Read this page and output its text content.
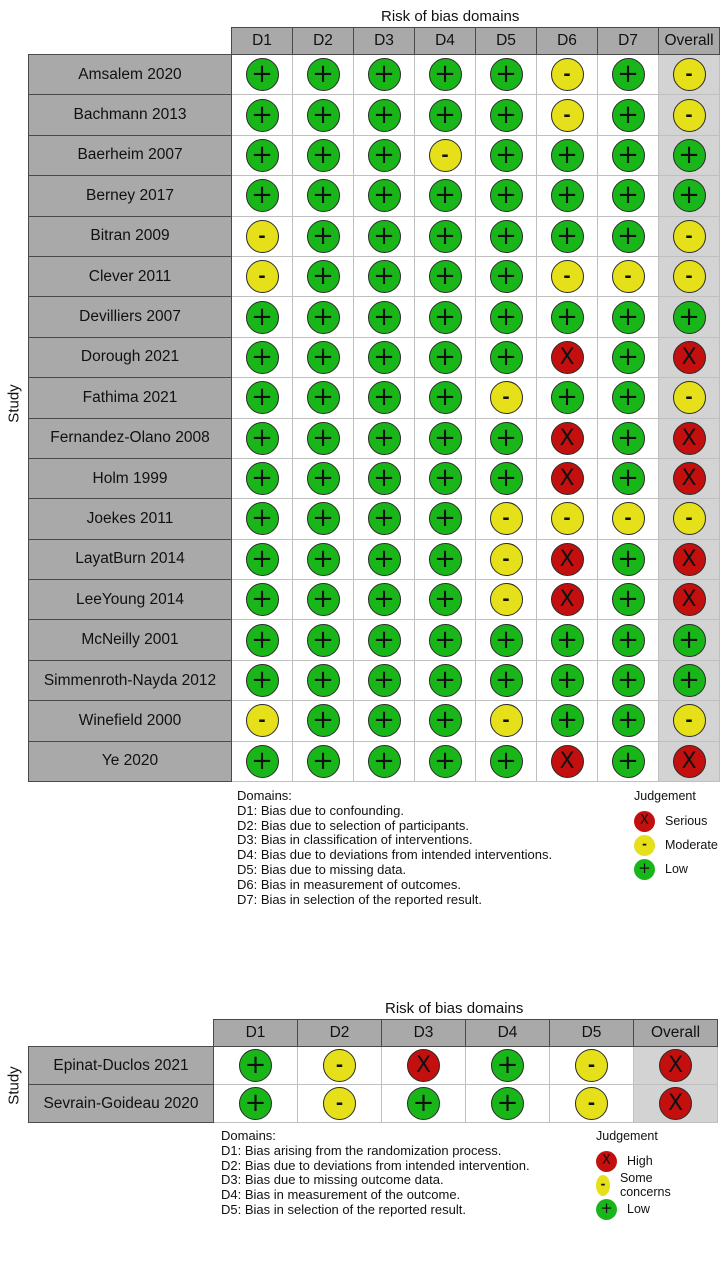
Risk of bias domains
Study
	D1	D2	D3	D4	D5	D6	D7	Overall
Amsalem 2020	+	+	+	+	+	-	+	-
Bachmann 2013	+	+	+	+	+	-	+	-
Baerheim 2007	+	+	+	-	+	+	+	+
Berney 2017	+	+	+	+	+	+	+	+
Bitran 2009	-	+	+	+	+	+	+	-
Clever 2011	-	+	+	+	+	-	-	-
Devilliers 2007	+	+	+	+	+	+	+	+
Dorough 2021	+	+	+	+	+	X	+	X
Fathima 2021	+	+	+	+	-	+	+	-
Fernandez-Olano 2008	+	+	+	+	+	X	+	X
Holm 1999	+	+	+	+	+	X	+	X
Joekes 2011	+	+	+	+	-	-	-	-
LayatBurn 2014	+	+	+	+	-	X	+	X
LeeYoung 2014	+	+	+	+	-	X	+	X
McNeilly 2001	+	+	+	+	+	+	+	+
Simmenroth-Nayda 2012	+	+	+	+	+	+	+	+
Winefield 2000	-	+	+	+	-	+	+	-
Ye 2020	+	+	+	+	+	X	+	X
Domains:
D1: Bias due to confounding.
D2: Bias due to selection of participants.
D3: Bias in classification of interventions.
D4: Bias due to deviations from intended interventions.
D5: Bias due to missing data.
D6: Bias in measurement of outcomes.
D7: Bias in selection of the reported result.
Judgement
X	Serious
-	Moderate
+	Low
Risk of bias domains
Study
	D1	D2	D3	D4	D5	Overall
Epinat-Duclos 2021	+	-	X	+	-	X
Sevrain-Goideau 2020	+	-	+	+	-	X
Domains:
D1: Bias arising from the randomization process.
D2: Bias due to deviations from intended intervention.
D3: Bias due to missing outcome data.
D4: Bias in measurement of the outcome.
D5: Bias in selection of the reported result.
Judgement
X	High
-	Some concerns
+	Low
